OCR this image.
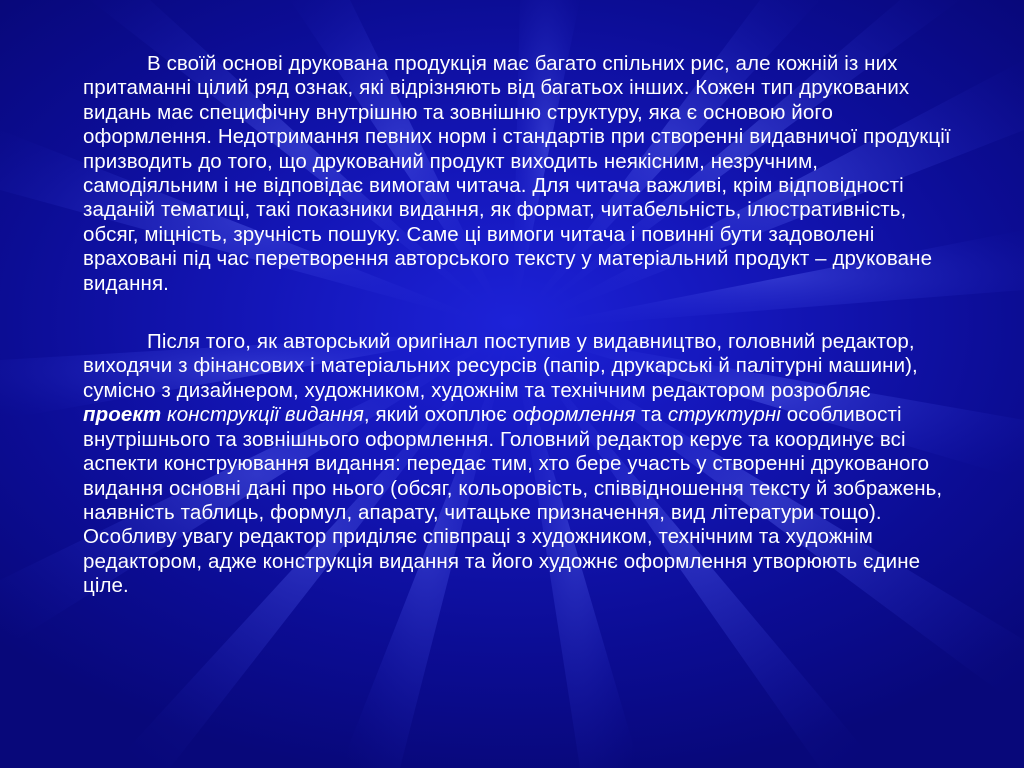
В своїй основі друкована продукція має багато спільних рис, але кожній із них притаманні цілий ряд ознак, які відрізняють від багатьох інших. Кожен тип друкованих видань має специфічну внутрішню та зовнішню структуру, яка є основою його оформлення. Недотримання певних норм і стандартів при створенні видавничої продукції призводить до того, що друкований продукт виходить неякісним, незручним, самодіяльним і не відповідає вимогам читача. Для читача важливі, крім відповідності заданій тематиці, такі показники видання, як формат, читабельність, ілюстративність, обсяг, міцність, зручність пошуку. Саме ці вимоги читача і повинні бути задоволені враховані під час перетворення авторського тексту у матеріальний продукт – друковане видання.

Після того, як авторський оригінал поступив у видавництво, головний редактор, виходячи з фінансових і матеріальних ресурсів (папір, друкарські й палітурні машини), сумісно з дизайнером, художником, художнім та технічним редактором розробляє проект конструкції видання, який охоплює оформлення та структурні особливості внутрішнього та зовнішнього оформлення. Головний редактор керує та координує всі аспекти конструювання видання: передає тим, хто бере участь у створенні друкованого видання основні дані про нього (обсяг, кольоровість, співвідношення тексту й зображень, наявність таблиць, формул, апарату, читацьке призначення, вид літератури тощо). Особливу увагу редактор приділяє співпраці з художником, технічним та художнім редактором, адже конструкція видання та його художнє оформлення утворюють єдине ціле.
